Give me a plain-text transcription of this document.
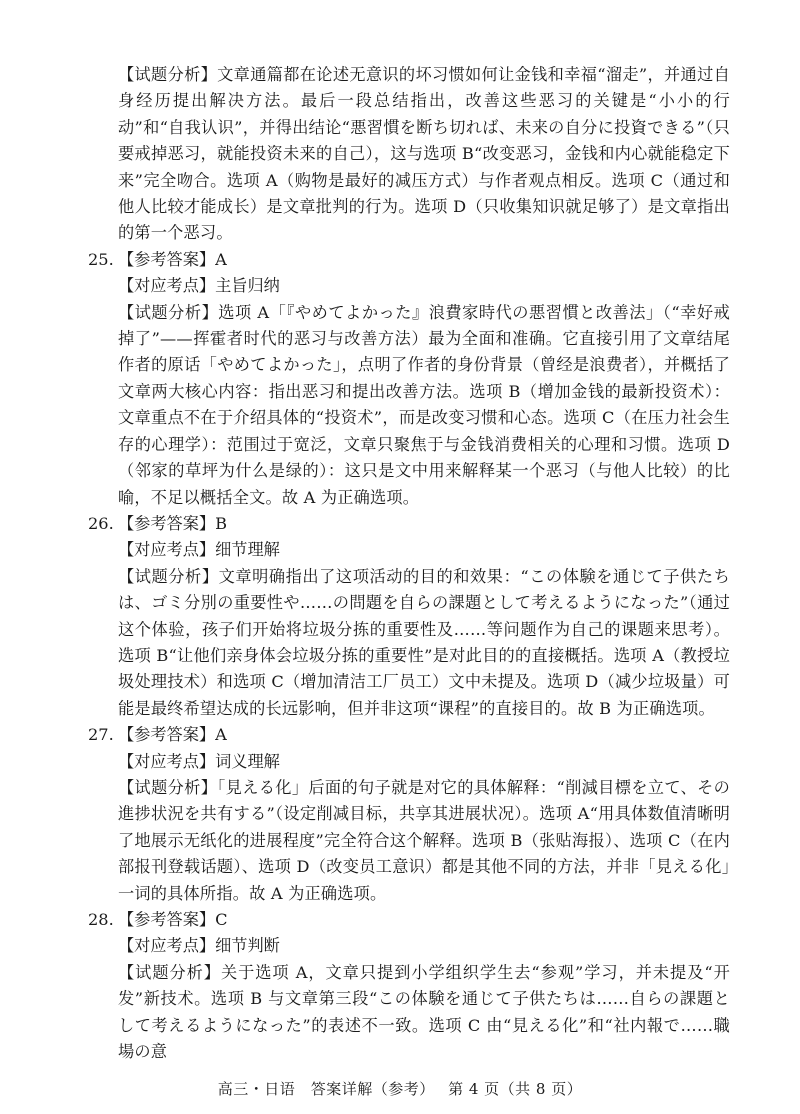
【试题分析】文章通篇都在论述无意识的坏习惯如何让金钱和幸福“溜走”，并通过自身经历提出解决方法。最后一段总结指出，改善这些恶习的关键是“小小的行动”和“自我认识”，并得出结论“悪習慣を断ち切れば、未来の自分に投資できる”（只要戒掉恶习，就能投资未来的自己），这与选项 B“改变恶习，金钱和内心就能稳定下来”完全吻合。选项 A（购物是最好的减压方式）与作者观点相反。选项 C（通过和他人比较才能成长）是文章批判的行为。选项 D（只收集知识就足够了）是文章指出的第一个恶习。

25. 【参考答案】A

【对应考点】主旨归纳

【试题分析】选项 A「『やめてよかった』浪費家時代の悪習慣と改善法」（“幸好戒掉了”——挥霍者时代的恶习与改善方法）最为全面和准确。它直接引用了文章结尾作者的原话「やめてよかった」，点明了作者的身份背景（曾经是浪费者），并概括了文章两大核心内容：指出恶习和提出改善方法。选项 B（增加金钱的最新投资术）：文章重点不在于介绍具体的“投资术”，而是改变习惯和心态。选项 C（在压力社会生存的心理学）：范围过于宽泛，文章只聚焦于与金钱消费相关的心理和习惯。选项 D（邻家的草坪为什么是绿的）：这只是文中用来解释某一个恶习（与他人比较）的比喻，不足以概括全文。故 A 为正确选项。

26. 【参考答案】B

【对应考点】细节理解

【试题分析】文章明确指出了这项活动的目的和效果：“この体験を通じて子供たちは、ゴミ分別の重要性や……の問題を自らの課題として考えるようになった”（通过这个体验，孩子们开始将垃圾分拣的重要性及……等问题作为自己的课题来思考）。选项 B“让他们亲身体会垃圾分拣的重要性”是对此目的的直接概括。选项 A（教授垃圾处理技术）和选项 C（增加清洁工厂员工）文中未提及。选项 D（减少垃圾量）可能是最终希望达成的长远影响，但并非这项“课程”的直接目的。故 B 为正确选项。

27. 【参考答案】A

【对应考点】词义理解

【试题分析】「見える化」后面的句子就是对它的具体解释：“削減目標を立て、その進捗状況を共有する”（设定削减目标，共享其进展状况）。选项 A“用具体数值清晰明了地展示无纸化的进展程度”完全符合这个解释。选项 B（张贴海报）、选项 C（在内部报刊登载话题）、选项 D（改变员工意识）都是其他不同的方法，并非「見える化」一词的具体所指。故 A 为正确选项。

28. 【参考答案】C

【对应考点】细节判断

【试题分析】关于选项 A，文章只提到小学组织学生去“参观”学习，并未提及“开发”新技术。选项 B 与文章第三段“この体験を通じて子供たちは……自らの課題として考えるようになった”的表述不一致。选项 C 由“見える化”和“社内報で……職場の意

高三・日语　答案详解（参考） 第 4 页（共 8 页）
